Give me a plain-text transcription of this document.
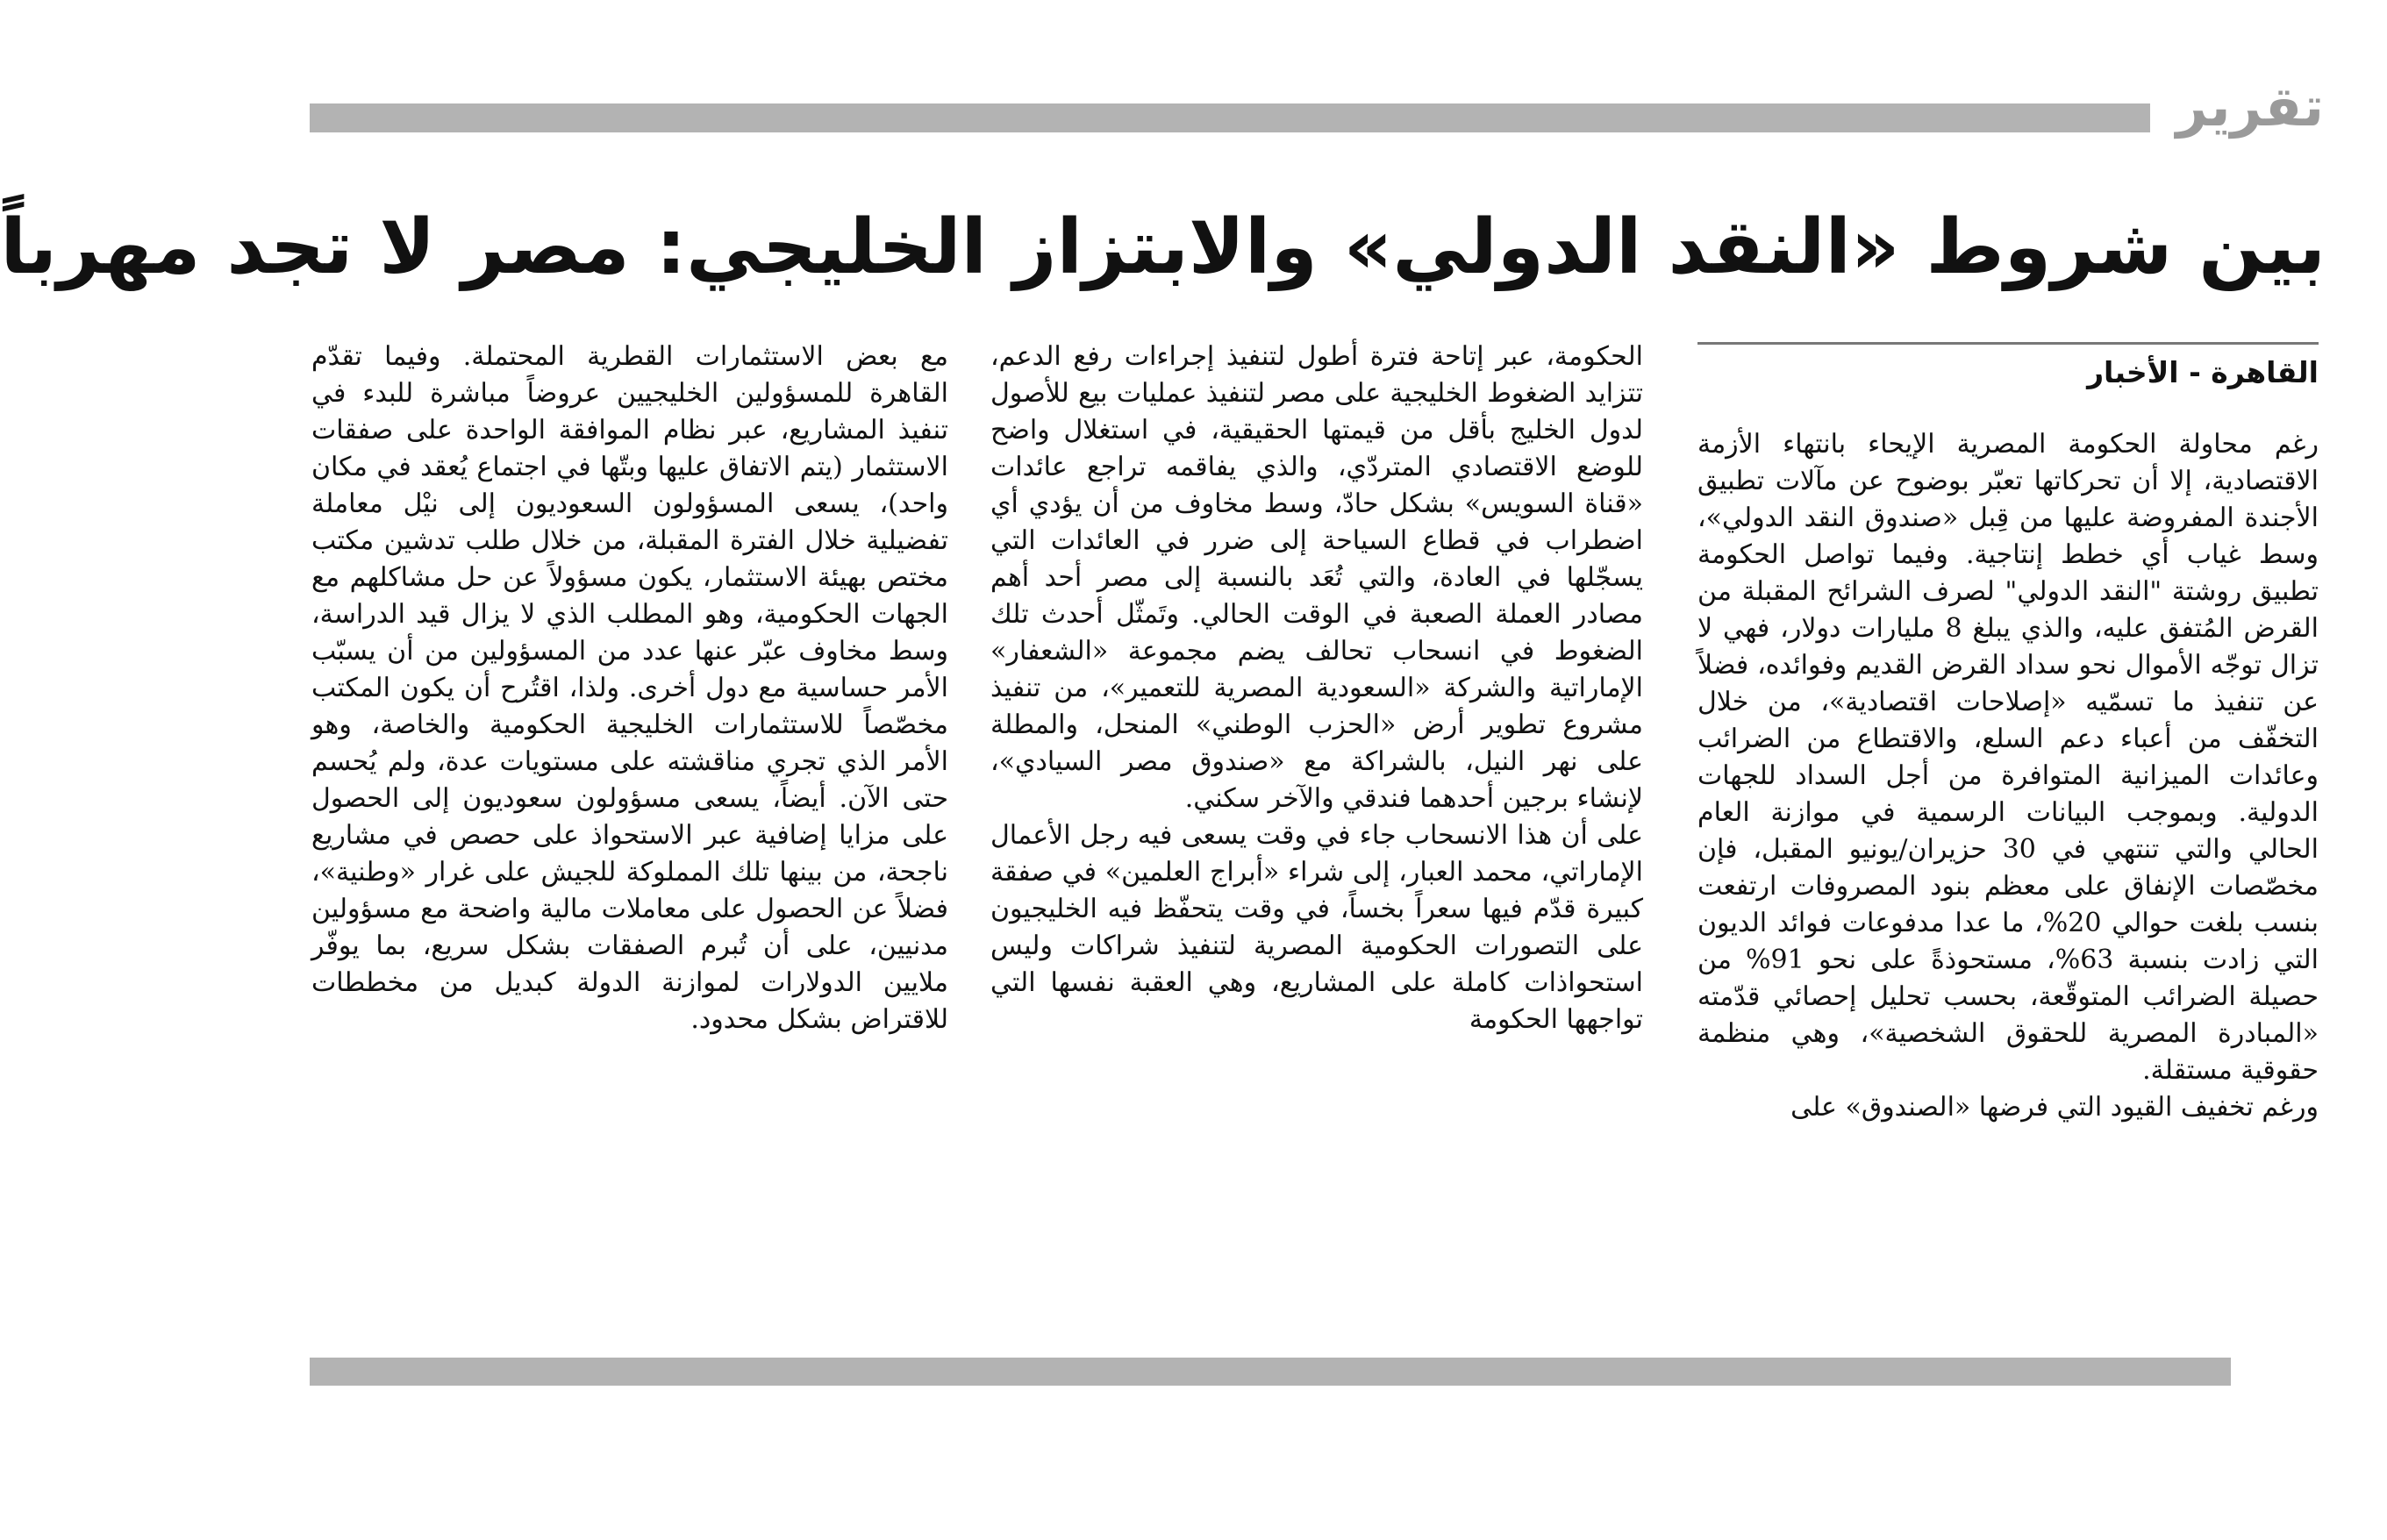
تقرير
بين شروط «النقد الدولي» والابتزاز الخليجي: مصر لا تجد مهرباً
القاهرة - الأخبار

رغم محاولة الحكومة المصرية الإيحاء بانتهاء الأزمة الاقتصادية، إلا أن تحركاتها تعبّر بوضوح عن مآلات تطبيق الأجندة المفروضة عليها من قِبل «صندوق النقد الدولي»، وسط غياب أي خطط إنتاجية. وفيما تواصل الحكومة تطبيق روشتة "النقد الدولي" لصرف الشرائح المقبلة من القرض المُتفق عليه، والذي يبلغ 8 مليارات دولار، فهي لا تزال توجّه الأموال نحو سداد القرض القديم وفوائده، فضلاً عن تنفيذ ما تسمّيه «إصلاحات اقتصادية»، من خلال التخفّف من أعباء دعم السلع، والاقتطاع من الضرائب وعائدات الميزانية المتوافرة من أجل السداد للجهات الدولية. وبموجب البيانات الرسمية في موازنة العام الحالي والتي تنتهي في 30 حزيران/يونيو المقبل، فإن مخصّصات الإنفاق على معظم بنود المصروفات ارتفعت بنسب بلغت حوالي 20%، ما عدا مدفوعات فوائد الديون التي زادت بنسبة 63%، مستحوذةً على نحو 91% من حصيلة الضرائب المتوقّعة، بحسب تحليل إحصائي قدّمته «المبادرة المصرية للحقوق الشخصية»، وهي منظمة حقوقية مستقلة.

ورغم تخفيف القيود التي فرضها «الصندوق» على

الحكومة، عبر إتاحة فترة أطول لتنفيذ إجراءات رفع الدعم، تتزايد الضغوط الخليجية على مصر لتنفيذ عمليات بيع للأصول لدول الخليج بأقل من قيمتها الحقيقية، في استغلال واضح للوضع الاقتصادي المتردّي، والذي يفاقمه تراجع عائدات «قناة السويس» بشكل حادّ، وسط مخاوف من أن يؤدي أي اضطراب في قطاع السياحة إلى ضرر في العائدات التي يسجّلها في العادة، والتي تُعَد بالنسبة إلى مصر أحد أهم مصادر العملة الصعبة في الوقت الحالي. وتَمثّل أحدث تلك الضغوط في انسحاب تحالف يضم مجموعة «الشعفار» الإماراتية والشركة «السعودية المصرية للتعمير»، من تنفيذ مشروع تطوير أرض «الحزب الوطني» المنحل، والمطلة على نهر النيل، بالشراكة مع «صندوق مصر السيادي»، لإنشاء برجين أحدهما فندقي والآخر سكني.

على أن هذا الانسحاب جاء في وقت يسعى فيه رجل الأعمال الإماراتي، محمد العبار، إلى شراء «أبراج العلمين» في صفقة كبيرة قدّم فيها سعراً بخساً، في وقت يتحفّظ فيه الخليجيون على التصورات الحكومية المصرية لتنفيذ شراكات وليس استحواذات كاملة على المشاريع، وهي العقبة نفسها التي تواجهها الحكومة

مع بعض الاستثمارات القطرية المحتملة. وفيما تقدّم القاهرة للمسؤولين الخليجيين عروضاً مباشرة للبدء في تنفيذ المشاريع، عبر نظام الموافقة الواحدة على صفقات الاستثمار (يتم الاتفاق عليها وبتّها في اجتماع يُعقد في مكان واحد)، يسعى المسؤولون السعوديون إلى نيْل معاملة تفضيلية خلال الفترة المقبلة، من خلال طلب تدشين مكتب مختص بهيئة الاستثمار، يكون مسؤولاً عن حل مشاكلهم مع الجهات الحكومية، وهو المطلب الذي لا يزال قيد الدراسة، وسط مخاوف عبّر عنها عدد من المسؤولين من أن يسبّب الأمر حساسية مع دول أخرى. ولذا، اقتُرح أن يكون المكتب مخصّصاً للاستثمارات الخليجية الحكومية والخاصة، وهو الأمر الذي تجري مناقشته على مستويات عدة، ولم يُحسم حتى الآن. أيضاً، يسعى مسؤولون سعوديون إلى الحصول على مزايا إضافية عبر الاستحواذ على حصص في مشاريع ناجحة، من بينها تلك المملوكة للجيش على غرار «وطنية»، فضلاً عن الحصول على معاملات مالية واضحة مع مسؤولين مدنيين، على أن تُبرم الصفقات بشكل سريع، بما يوفّر ملايين الدولارات لموازنة الدولة كبديل من مخططات للاقتراض بشكل محدود.
